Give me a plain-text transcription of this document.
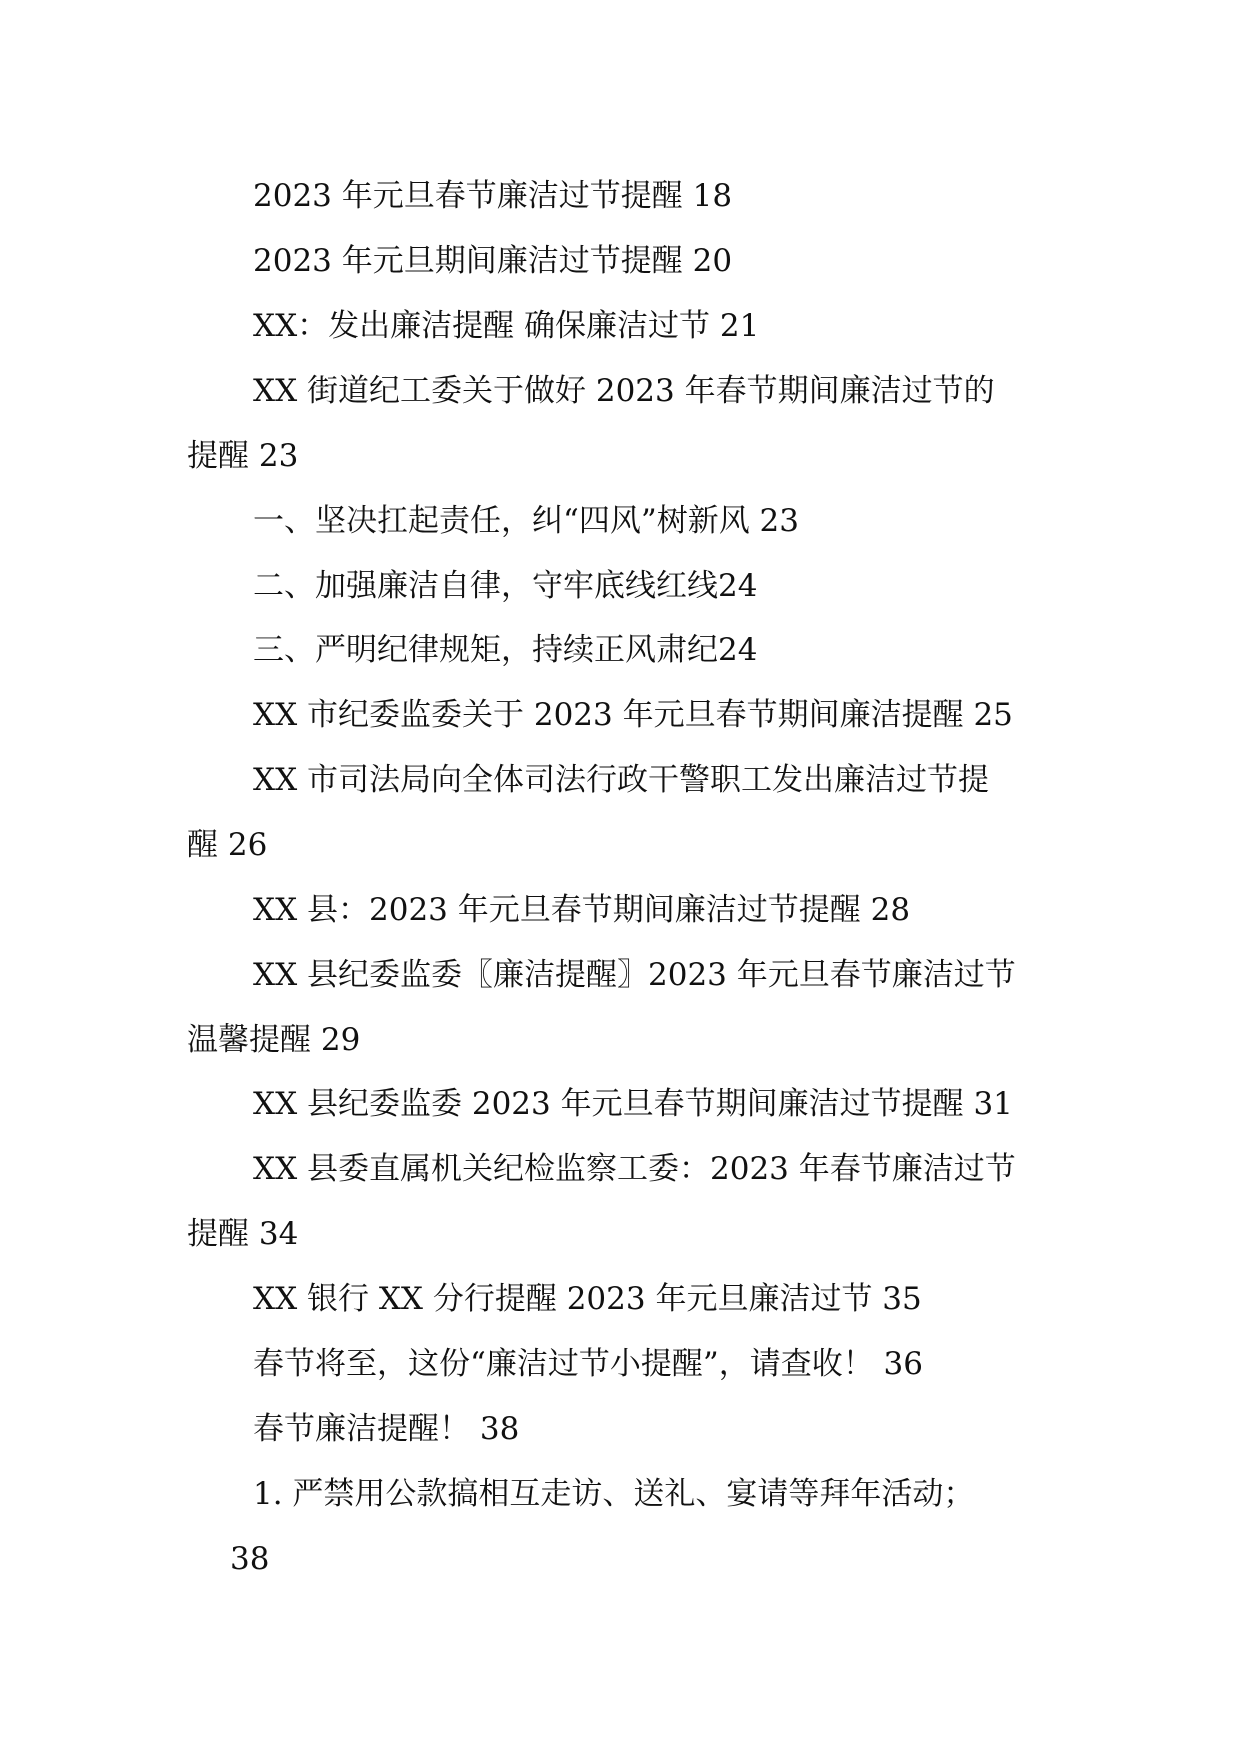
2023 年元旦春节廉洁过节提醒 18
2023 年元旦期间廉洁过节提醒 20
XX：发出廉洁提醒 确保廉洁过节 21
XX 街道纪工委关于做好 2023 年春节期间廉洁过节的
提醒 23
一、坚决扛起责任，纠“四风”树新风 23
二、加强廉洁自律，守牢底线红线24
三、严明纪律规矩，持续正风肃纪24
XX 市纪委监委关于 2023 年元旦春节期间廉洁提醒 25
XX 市司法局向全体司法行政干警职工发出廉洁过节提
醒 26
XX 县：2023 年元旦春节期间廉洁过节提醒 28
XX 县纪委监委〖廉洁提醒〗2023 年元旦春节廉洁过节
温馨提醒 29
XX 县纪委监委 2023 年元旦春节期间廉洁过节提醒 31
XX 县委直属机关纪检监察工委：2023 年春节廉洁过节
提醒 34
XX 银行 XX 分行提醒 2023 年元旦廉洁过节 35
春节将至，这份“廉洁过节小提醒”，请查收！ 36
春节廉洁提醒！ 38
1. 严禁用公款搞相互走访、送礼、宴请等拜年活动；
38
